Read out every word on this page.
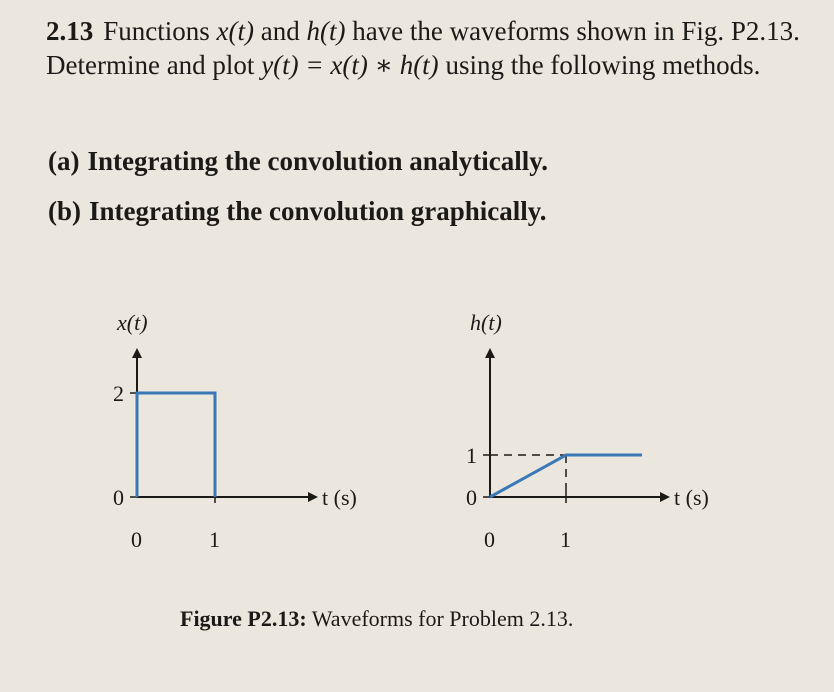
2.13 Functions x(t) and h(t) have the waveforms shown in Fig. P2.13. Determine and plot y(t) = x(t) ∗ h(t) using the following methods.
(a) Integrating the convolution analytically.
(b) Integrating the convolution graphically.
x(t)
t (s)
0	1
0
2
h(t)
t (s)
0	1
0
1
Figure P2.13: Waveforms for Problem 2.13.
